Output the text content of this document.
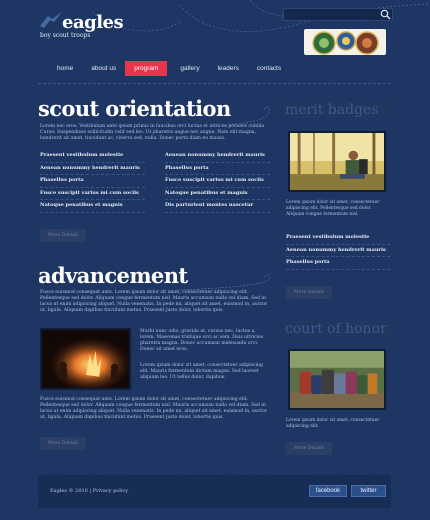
eagles
boy scout troops
home	about us	program	gallery	leaders	contacts
scout orientation
Lorem nec eros. Vestibulum ante ipsum primis in faucibus orci luctus et ultrices posuere cubilia Curae; Suspendisse sollicitudin velit sed leo. Ut pharetra augue nec augue. Nam elit magna, hendrerit sit amet, tincidunt ac, viverra sed, nulla. Donec porta diam eu massa.
Praesent vestibulum molestie
Aenean nonummy hendrerit mauris
Phasellus porta
Fusce suscipit varius mi cum sociis
Natoque penatibus et magnis
Aenean nonummy hendrerit mauris
Phasellus porta
Fusce suscipit varius mi cum sociis
Natoque penatibus et magnis
Dis parturient montes nascetur
More Details
advancement
Fusce euismod consequat ante. Lorem ipsum dolor sit amet, consectetuer adipiscing elit. Pellentesque sed dolor. Aliquam congue fermentum nisl. Mauris accumsan nulla vel diam. Sed in lacus ut enim adipiscing aliquet. Nulla venenatis. In pede mi, aliquet sit amet, euismod in, auctor ut, ligula. Aliquam dapibus tincidunt metus. Praesent justo dolor, lobortis quis.
Morbi nunc odio, gravida at, cursus nec, luctus a, lorem. Maecenas tristique orci ac sem. Duis ultricies pharetra magna. Donec accumsan malesuada orci. Donec sit amet eros.
Lorem ipsum dolor sit amet, consectetuer adipiscing elit. Mauris fermentum dictum magna. Sed laoreet aliquam leo. Ut tellus dolor, dapibus.
Fusce euismod consequat ante. Lorem ipsum dolor sit amet, consectetuer adipiscing elit. Pellentesque sed dolor. Aliquam congue fermentum nisl. Mauris accumsan nulla vel diam. Sed in lacus ut enim adipiscing aliquet. Nulla venenatis. In pede mi, aliquet sit amet, euismod in, auctor ut, ligula. Aliquam dapibus tincidunt metus. Praesent justo dolor, lobortis quis.
More Details
merit badges
Lorem ipsum dolor sit amet, consectetuer adipiscing elit. Pellentesque sed dolor. Aliquam congue fermentum nisl.
Praesent vestibulum molestie
Aenean nonummy hendrerit mauris
Phasellus porta
More Details
court of honor
Lorem ipsum dolor sit amet, consectetuer adipiscing elit.
More Details
Eagles © 2010 | Privacy policy	facebook	twitter
